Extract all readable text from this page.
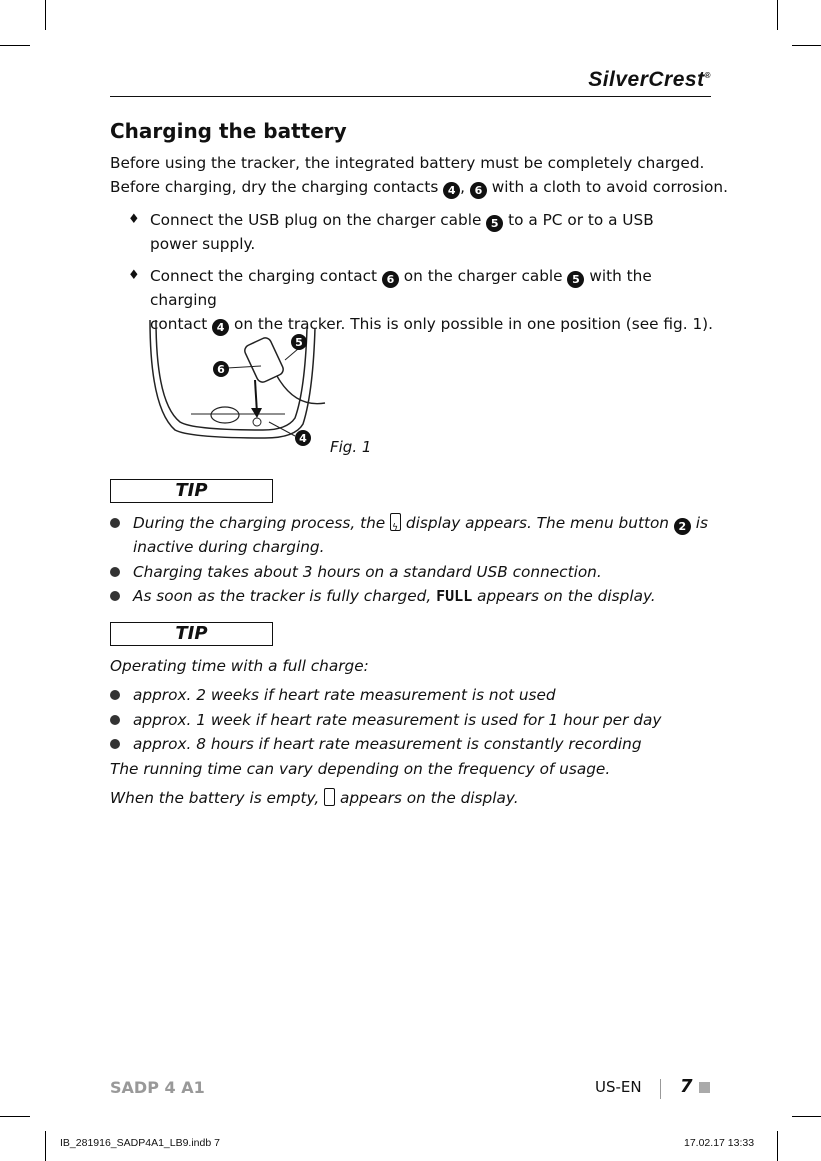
SilverCrest®
Charging the battery
Before using the tracker, the integrated battery must be completely charged.
Before charging, dry the charging contacts 4 , 6 with a cloth to avoid corrosion.
♦ Connect the USB plug on the charger cable 5 to a PC or to a USB
power supply.
♦ Connect the charging contact 6 on the charger cable 5 with the charging
contact 4 on the tracker. This is only possible in one position (see fig. 1).
6
5
4 Fig. 1
TIP
During the charging process, the ϟ display appears. The menu button 2 is
inactive during charging.
Charging takes about 3 hours on a standard USB connection.
As soon as the tracker is fully charged, FULL appears on the display.
TIP
Operating time with a full charge:
approx. 2 weeks if heart rate measurement is not used
approx. 1 week if heart rate measurement is used for 1 hour per day
approx. 8 hours if heart rate measurement is constantly recording
The running time can vary depending on the frequency of usage.
When the battery is empty,  appears on the display.
SADP 4 A1	US-EN 7
IB_281916_SADP4A1_LB9.indb 7	17.02.17 13:33
